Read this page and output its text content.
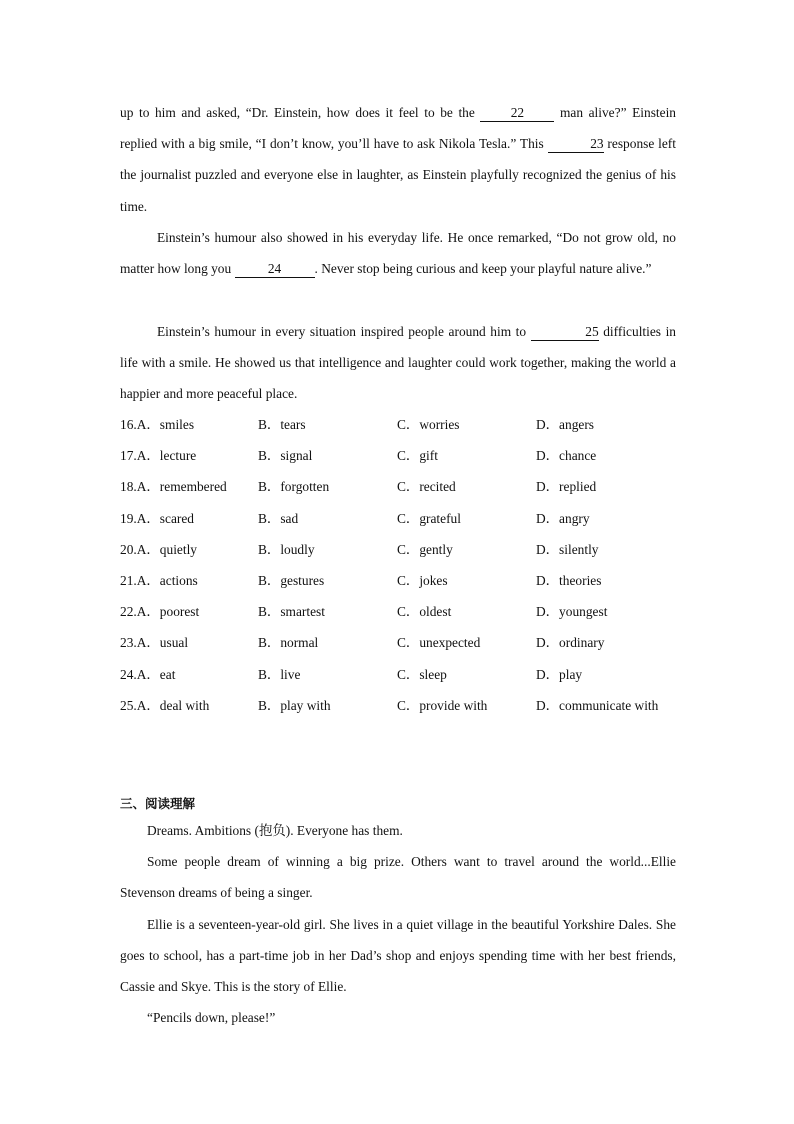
up to him and asked, “Dr. Einstein, how does it feel to be the 22 man alive?” Einstein replied with a big smile, “I don’t know, you’ll have to ask Nikola Tesla.” This	23 response left the journalist puzzled and everyone else in laughter, as Einstein playfully recognized the genius of his time.

Einstein’s humour also showed in his everyday life. He once remarked, “Do not grow old, no matter how long you 24 . Never stop being curious and keep your playful nature alive.”

Einstein’s humour in every situation inspired people around him to	25 difficulties in life with a smile. He showed us that intelligence and laughter could work together, making the world a happier and more peaceful place.

16.A．smiles	B．tears	C．worries	D．angers
17.A．lecture	B．signal	C．gift	D．chance
18.A．remembered B．forgotten	C．recited	D．replied
19.A．scared	B．sad	C．grateful	D．angry
20.A．quietly	B．loudly	C．gently	D．silently
21.A．actions	B．gestures	C．jokes	D．theories
22.A．poorest	B．smartest	C．oldest	D．youngest
23.A．usual	B．normal	C．unexpected	D．ordinary
24.A．eat	B．live	C．sleep	D．play
25.A．deal with	B．play with	C．provide with	D．communicate with
三、阅读理解

Dreams. Ambitions (抱负). Everyone has them.

Some people dream of winning a big prize. Others want to travel around the world...Ellie Stevenson dreams of being a singer.

Ellie is a seventeen-year-old girl. She lives in a quiet village in the beautiful Yorkshire Dales. She goes to school, has a part-time job in her Dad’s shop and enjoys spending time with her best friends, Cassie and Skye. This is the story of Ellie.

“Pencils down, please!”
